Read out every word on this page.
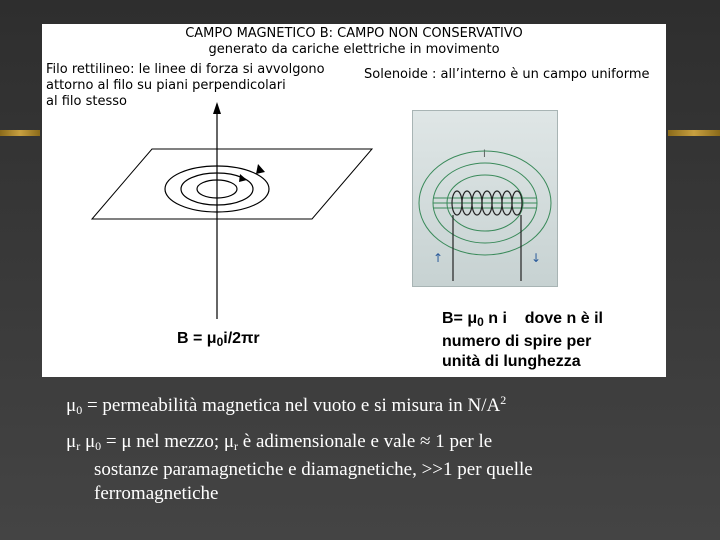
CAMPO MAGNETICO B: CAMPO NON CONSERVATIVO
generato da cariche elettriche in movimento
Filo rettilineo: le linee di forza si avvolgono
attorno al filo su piani perpendicolari
al filo stesso
Solenoide : all’interno è un campo uniforme
i
↑	↓
$B = \mu_0i/2\pi r$
$B= \mu_0$ n i    dove n è il
numero di spire per
unità di lunghezza
$\mu_0$ = permeabilità magnetica nel vuoto e si misura in $N/A^2$
$\mu_r$ $\mu_0 = \mu$ nel mezzo; $\mu_r$ è adimensionale e vale ≈ 1 per le
sostanze paramagnetiche e diamagnetiche, >>1 per quelle
ferromagnetiche
